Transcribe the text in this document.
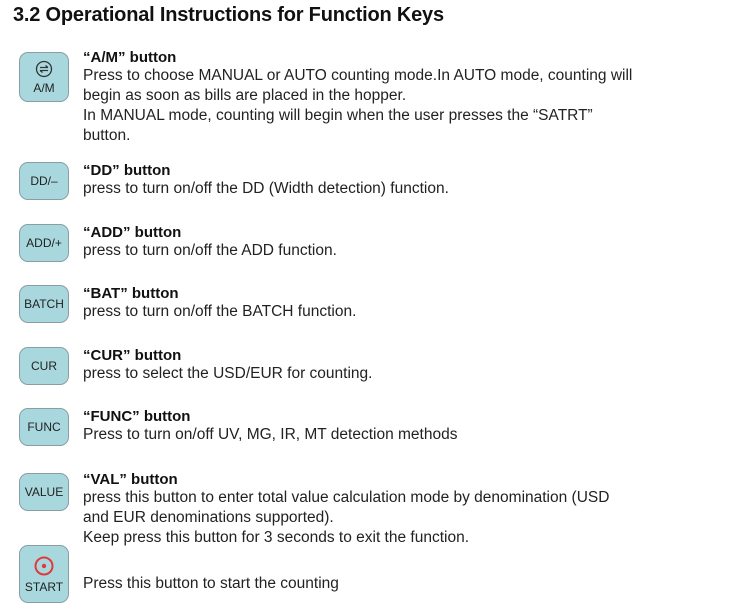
3.2 Operational Instructions for Function Keys
A/M
“A/M” button
Press to choose MANUAL or AUTO counting mode.In AUTO mode, counting will
begin as soon as bills are placed in the hopper.
In MANUAL mode, counting will begin when the user presses the “SATRT”
button.
DD/–
“DD” button
press to turn on/off the DD (Width detection) function.
ADD/+
“ADD” button
press to turn on/off the ADD function.
BATCH
“BAT” button
press to turn on/off the BATCH function.
CUR
“CUR” button
press to select the USD/EUR for counting.
FUNC
“FUNC” button
Press to turn on/off UV, MG, IR, MT detection methods
VALUE
“VAL” button
press this button to enter total value calculation mode by denomination (USD
and EUR denominations supported).
Keep press this button for 3 seconds to exit the function.
START Press this button to start the counting
